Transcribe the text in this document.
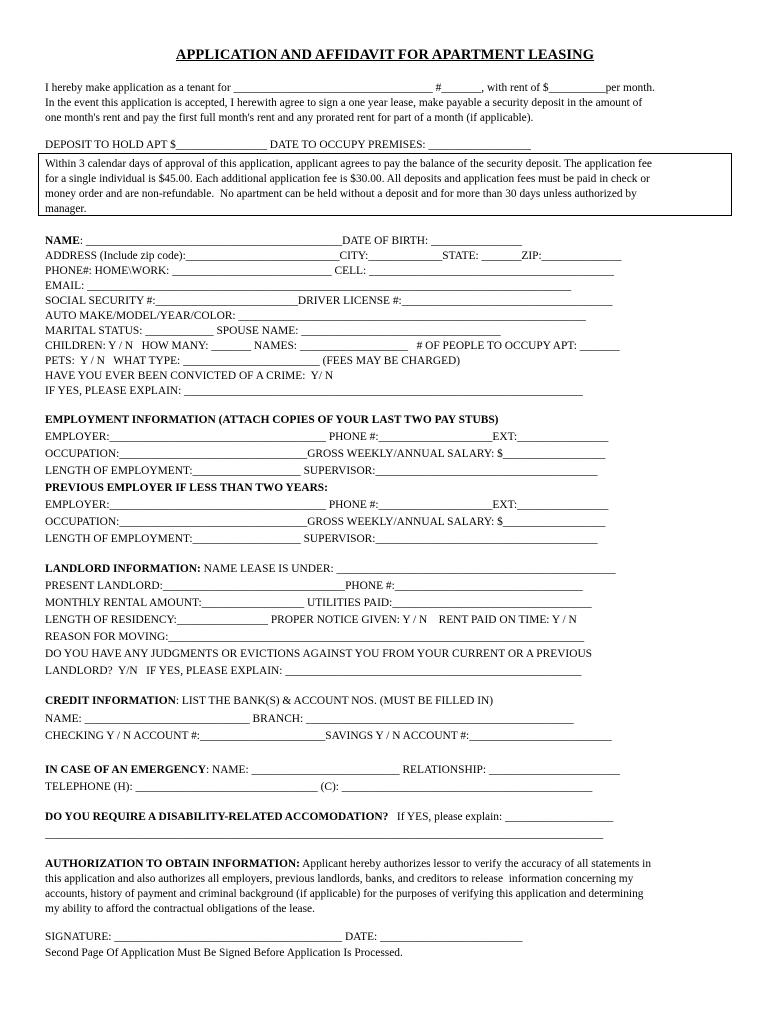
APPLICATION AND AFFIDAVIT FOR APARTMENT LEASING
I hereby make application as a tenant for ___________________________________ #_______, with rent of $__________per month.
In the event this application is accepted, I herewith agree to sign a one year lease, make payable a security deposit in the amount of
one month's rent and pay the first full month's rent and any prorated rent for part of a month (if applicable).
DEPOSIT TO HOLD APT $________________ DATE TO OCCUPY PREMISES: __________________
Within 3 calendar days of approval of this application, applicant agrees to pay the balance of the security deposit. The application fee
for a single individual is $45.00. Each additional application fee is $30.00. All deposits and application fees must be paid in check or
money order and are non-refundable.  No apartment can be held without a deposit and for more than 30 days unless authorized by
manager.
NAME: _____________________________________________DATE OF BIRTH: ________________
ADDRESS (Include zip code):___________________________CITY:_____________STATE: _______ZIP:______________
PHONE#: HOME\WORK: ____________________________ CELL: ___________________________________________
EMAIL: _____________________________________________________________________________________
SOCIAL SECURITY #:_________________________DRIVER LICENSE #:_____________________________________
AUTO MAKE/MODEL/YEAR/COLOR: _____________________________________________________________
MARITAL STATUS: ____________ SPOUSE NAME: ___________________________________
CHILDREN: Y / N   HOW MANY: _______ NAMES: ___________________   # OF PEOPLE TO OCCUPY APT: _______
PETS:  Y / N   WHAT TYPE: ________________________ (FEES MAY BE CHARGED)
HAVE YOU EVER BEEN CONVICTED OF A CRIME:  Y/ N
IF YES, PLEASE EXPLAIN: ______________________________________________________________________
EMPLOYMENT INFORMATION (ATTACH COPIES OF YOUR LAST TWO PAY STUBS)
EMPLOYER:______________________________________ PHONE #:____________________EXT:________________
OCCUPATION:_________________________________GROSS WEEKLY/ANNUAL SALARY: $__________________
LENGTH OF EMPLOYMENT:___________________ SUPERVISOR:_______________________________________
PREVIOUS EMPLOYER IF LESS THAN TWO YEARS:
EMPLOYER:______________________________________ PHONE #:____________________EXT:________________
OCCUPATION:_________________________________GROSS WEEKLY/ANNUAL SALARY: $__________________
LENGTH OF EMPLOYMENT:___________________ SUPERVISOR:_______________________________________
LANDLORD INFORMATION: NAME LEASE IS UNDER: _________________________________________________
PRESENT LANDLORD:________________________________PHONE #:_________________________________
MONTHLY RENTAL AMOUNT:__________________ UTILITIES PAID:___________________________________
LENGTH OF RESIDENCY:________________ PROPER NOTICE GIVEN: Y / N    RENT PAID ON TIME: Y / N
REASON FOR MOVING:_________________________________________________________________________
DO YOU HAVE ANY JUDGMENTS OR EVICTIONS AGAINST YOU FROM YOUR CURRENT OR A PREVIOUS
LANDLORD?  Y/N   IF YES, PLEASE EXPLAIN: ____________________________________________________
CREDIT INFORMATION: LIST THE BANK(S) & ACCOUNT NOS. (MUST BE FILLED IN)
NAME: _____________________________ BRANCH: _______________________________________________
CHECKING Y / N ACCOUNT #:______________________SAVINGS Y / N ACCOUNT #:_________________________
IN CASE OF AN EMERGENCY: NAME: __________________________ RELATIONSHIP: _______________________
TELEPHONE (H): ________________________________ (C): ____________________________________________
DO YOU REQUIRE A DISABILITY-RELATED ACCOMODATION?   If YES, please explain: ___________________
__________________________________________________________________________________________________
AUTHORIZATION TO OBTAIN INFORMATION: Applicant hereby authorizes lessor to verify the accuracy of all statements in
this application and also authorizes all employers, previous landlords, banks, and creditors to release  information concerning my
accounts, history of payment and criminal background (if applicable) for the purposes of verifying this application and determining
my ability to afford the contractual obligations of the lease.
SIGNATURE: ________________________________________ DATE: _________________________
Second Page Of Application Must Be Signed Before Application Is Processed.
